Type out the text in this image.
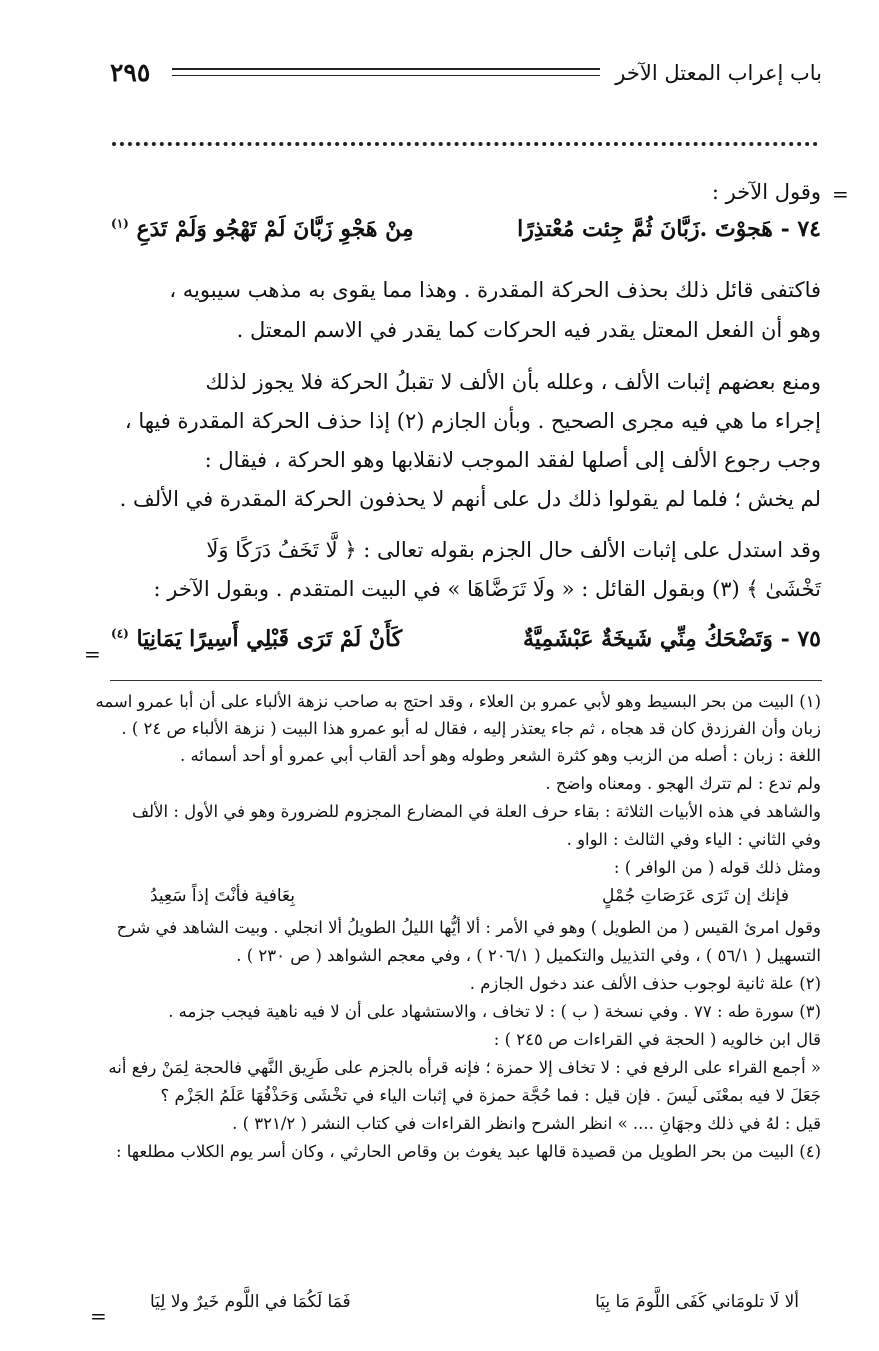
٢٩٥	باب إعراب المعتل الآخر
=
=
=
وقول الآخر :
٧٤ - هَجوْتَ .زَبَّانَ ثُمَّ جِئت مُعْتذِرًا
مِنْ هَجْوِ زَبَّانَ لَمْ تَهْجُو وَلَمْ تَدَعِ $^{(١)}$
فاكتفى قائل ذلك بحذف الحركة المقدرة . وهذا مما يقوى به مذهب سيبويه ،
وهو أن الفعل المعتل يقدر فيه الحركات كما يقدر في الاسم المعتل .
ومنع بعضهم إثبات الألف ، وعلله بأن الألف لا تقبلُ الحركة فلا يجوز لذلك
إجراء ما هي فيه مجرى الصحيح . وبأن الجازم (٢) إذا حذف الحركة المقدرة فيها ،
وجب رجوع الألف إلى أصلها لفقد الموجب لانقلابها وهو الحركة ، فيقال :
لم يخش ؛ فلما لم يقولوا ذلك دل على أنهم لا يحذفون الحركة المقدرة في الألف .
وقد استدل على إثبات الألف حال الجزم بقوله تعالى : ﴿ لَّا تَخَفُ دَرَكًا وَلَا
تَخْشَىٰ ﴾ (٣) وبقول القائل : « ولَا تَرَضَّاهَا » في البيت المتقدم . وبقول الآخر :
٧٥ - وَتَضْحَكُ مِنِّي شَيخَةٌ عَبْشَمِيَّةٌ
كَأَنْ لَمْ تَرَى قَبْلِي أَسِيرًا يَمَانِيَا $^{(٤)}$
(١) البيت من بحر البسيط وهو لأبي عمرو بن العلاء ، وقد احتج به صاحب نزهة الألباء على أن أبا عمرو اسمه
زبان وأن الفرزدق كان قد هجاه ، ثم جاء يعتذر إليه ، فقال له أبو عمرو هذا البيت ( نزهة الألباء ص ٢٤ ) .
اللغة : زبان : أصله من الزبب وهو كثرة الشعر وطوله وهو أحد ألقاب أبي عمرو أو أحد أسمائه .
ولم تدع : لم تترك الهجو . ومعناه واضح .
والشاهد في هذه الأبيات الثلاثة : بقاء حرف العلة في المضارع المجزوم للضرورة وهو في الأول : الألف
وفي الثاني : الياء وفي الثالث : الواو .
ومثل ذلك قوله ( من الوافر ) :
فإنك إن تَرَى عَرَصَاتِ جُمْلٍ
بِعَافية فأنْتَ إذاً سَعِيدُ
وقول امرئ القيس ( من الطويل ) وهو في الأمر : ألا أيُّها الليلُ الطويلُ ألا انجلي . وبيت الشاهد في شرح
التسهيل ( ٥٦/١ ) ، وفي التذييل والتكميل ( ٢٠٦/١ ) ، وفي معجم الشواهد ( ص ٢٣٠ ) .
(٢) علة ثانية لوجوب حذف الألف عند دخول الجازم .
(٣) سورة طه : ٧٧ . وفي نسخة ( ب ) : لا تخاف ، والاستشهاد على أن لا فيه ناهية فيجب جزمه .
قال ابن خالويه ( الحجة في القراءات ص ٢٤٥ ) :
« أجمع القراء على الرفع في : لا تخاف إلا حمزة ؛ فإنه قرأه بالجزم على طَرِيق النَّهي فالحجة لِمَنْ رفع أنه
جَعَلَ لا فيه بمعْنَى لَيسَ . فإن قيل : فما حُجَّة حمزة في إثبات الياء في تخْشَى وَحَذْفُهَا عَلَمُ الجَزْم ؟
قيل : لهُ في ذلك وجهَانِ .... » انظر الشرح وانظر القراءات في كتاب النشر ( ٣٢١/٢ ) .
(٤) البيت من بحر الطويل من قصيدة قالها عبد يغوث بن وقاص الحارثي ، وكان أسر يوم الكلاب مطلعها :
ألا لَا تلومَاني كَفَى اللَّومَ مَا بِيَا
فَمَا لَكُمَا في اللَّوم خَيرٌ ولا لِيَا
